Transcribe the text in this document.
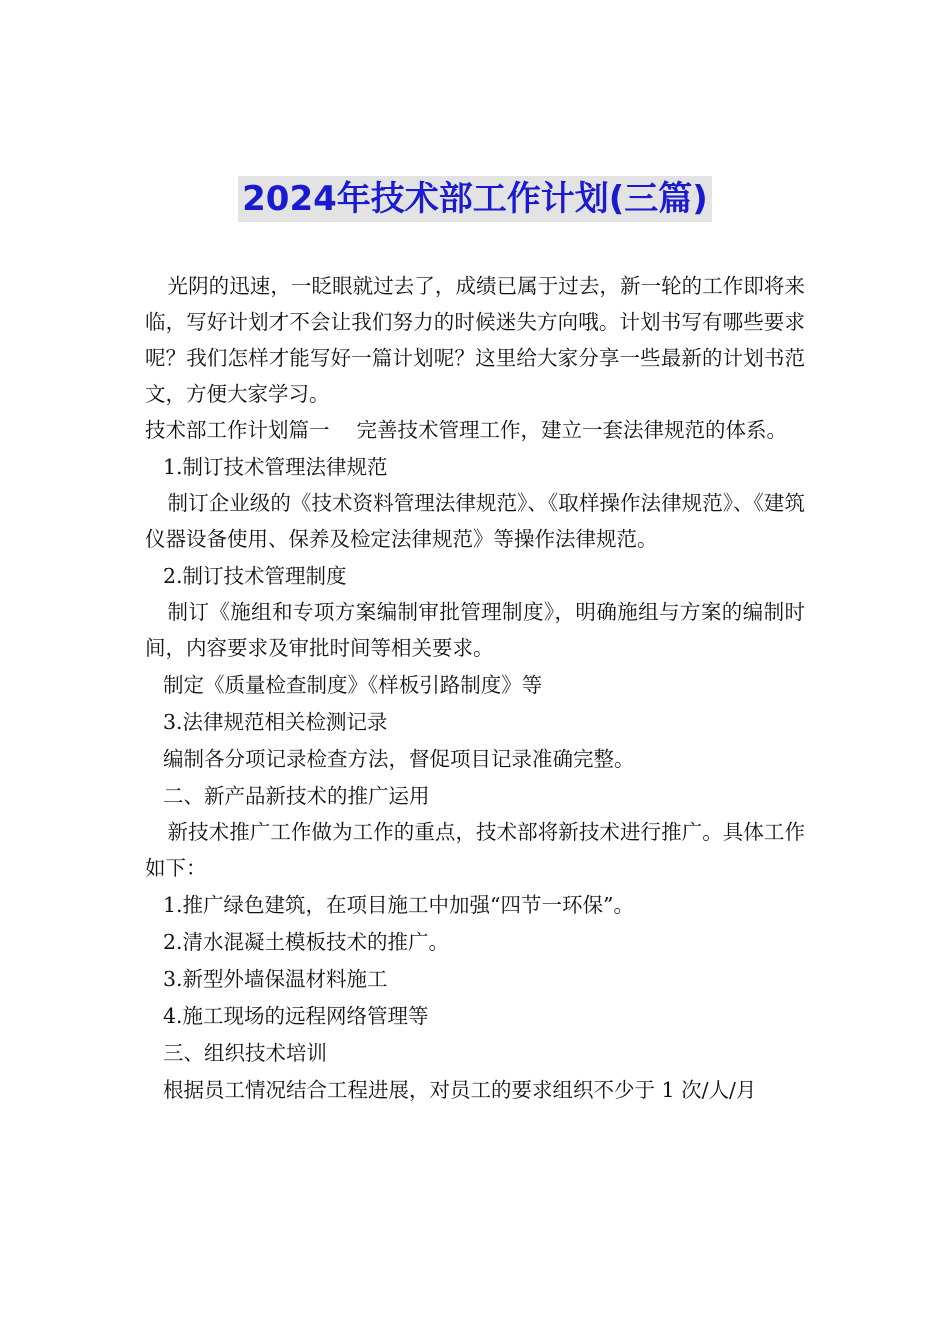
2024年技术部工作计划(三篇)

光阴的迅速，一眨眼就过去了，成绩已属于过去，新一轮的工作即将来临，写好计划才不会让我们努力的时候迷失方向哦。计划书写有哪些要求呢？我们怎样才能写好一篇计划呢？这里给大家分享一些最新的计划书范文，方便大家学习。

技术部工作计划篇一　 完善技术管理工作，建立一套法律规范的体系。

1.制订技术管理法律规范

制订企业级的《技术资料管理法律规范》、《取样操作法律规范》、《建筑仪器设备使用、保养及检定法律规范》等操作法律规范。

2.制订技术管理制度

制订《施组和专项方案编制审批管理制度》，明确施组与方案的编制时间，内容要求及审批时间等相关要求。

制定《质量检查制度》《样板引路制度》等

3.法律规范相关检测记录

编制各分项记录检查方法，督促项目记录准确完整。

二、新产品新技术的推广运用

新技术推广工作做为工作的重点，技术部将新技术进行推广。具体工作如下：

1.推广绿色建筑，在项目施工中加强“四节一环保”。

2.清水混凝土模板技术的推广。

3.新型外墙保温材料施工

4.施工现场的远程网络管理等

三、组织技术培训

根据员工情况结合工程进展，对员工的要求组织不少于 1 次/人/月
